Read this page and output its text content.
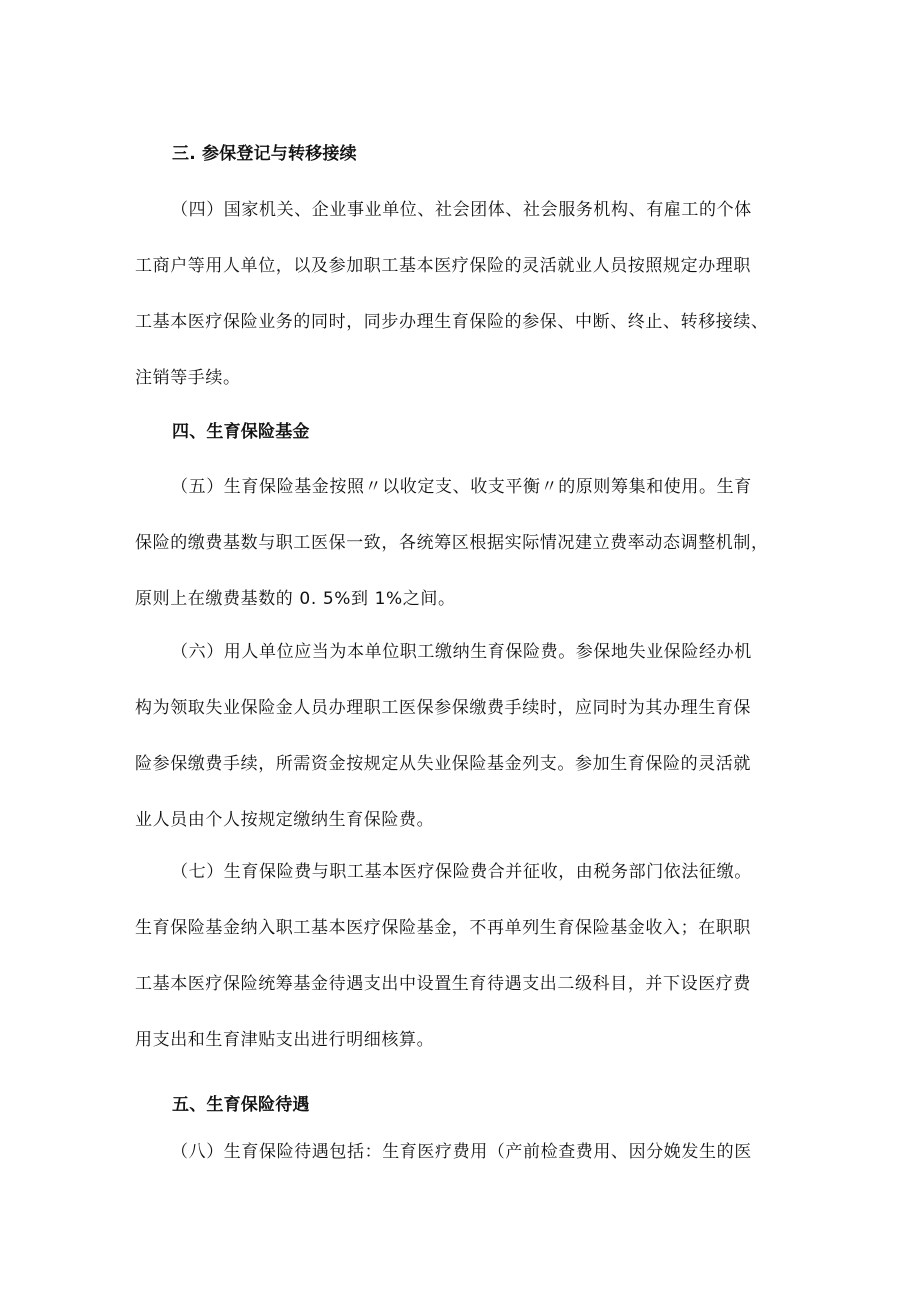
三. 参保登记与转移接续
（四）国家机关、企业事业单位、社会团体、社会服务机构、有雇工的个体
工商户等用人单位，以及参加职工基本医疗保险的灵活就业人员按照规定办理职
工基本医疗保险业务的同时，同步办理生育保险的参保、中断、终止、转移接续、
注销等手续。
四、生育保险基金
（五）生育保险基金按照〃以收定支、收支平衡〃的原则筹集和使用。生育
保险的缴费基数与职工医保一致，各统筹区根据实际情况建立费率动态调整机制，
原则上在缴费基数的 0. 5%到 1%之间。
（六）用人单位应当为本单位职工缴纳生育保险费。参保地失业保险经办机
构为领取失业保险金人员办理职工医保参保缴费手续时，应同时为其办理生育保
险参保缴费手续，所需资金按规定从失业保险基金列支。参加生育保险的灵活就
业人员由个人按规定缴纳生育保险费。
（七）生育保险费与职工基本医疗保险费合并征收，由税务部门依法征缴。
生育保险基金纳入职工基本医疗保险基金，不再单列生育保险基金收入；在职职
工基本医疗保险统筹基金待遇支出中设置生育待遇支出二级科目，并下设医疗费
用支出和生育津贴支出进行明细核算。
五、生育保险待遇
（八）生育保险待遇包括：生育医疗费用（产前检查费用、因分娩发生的医
